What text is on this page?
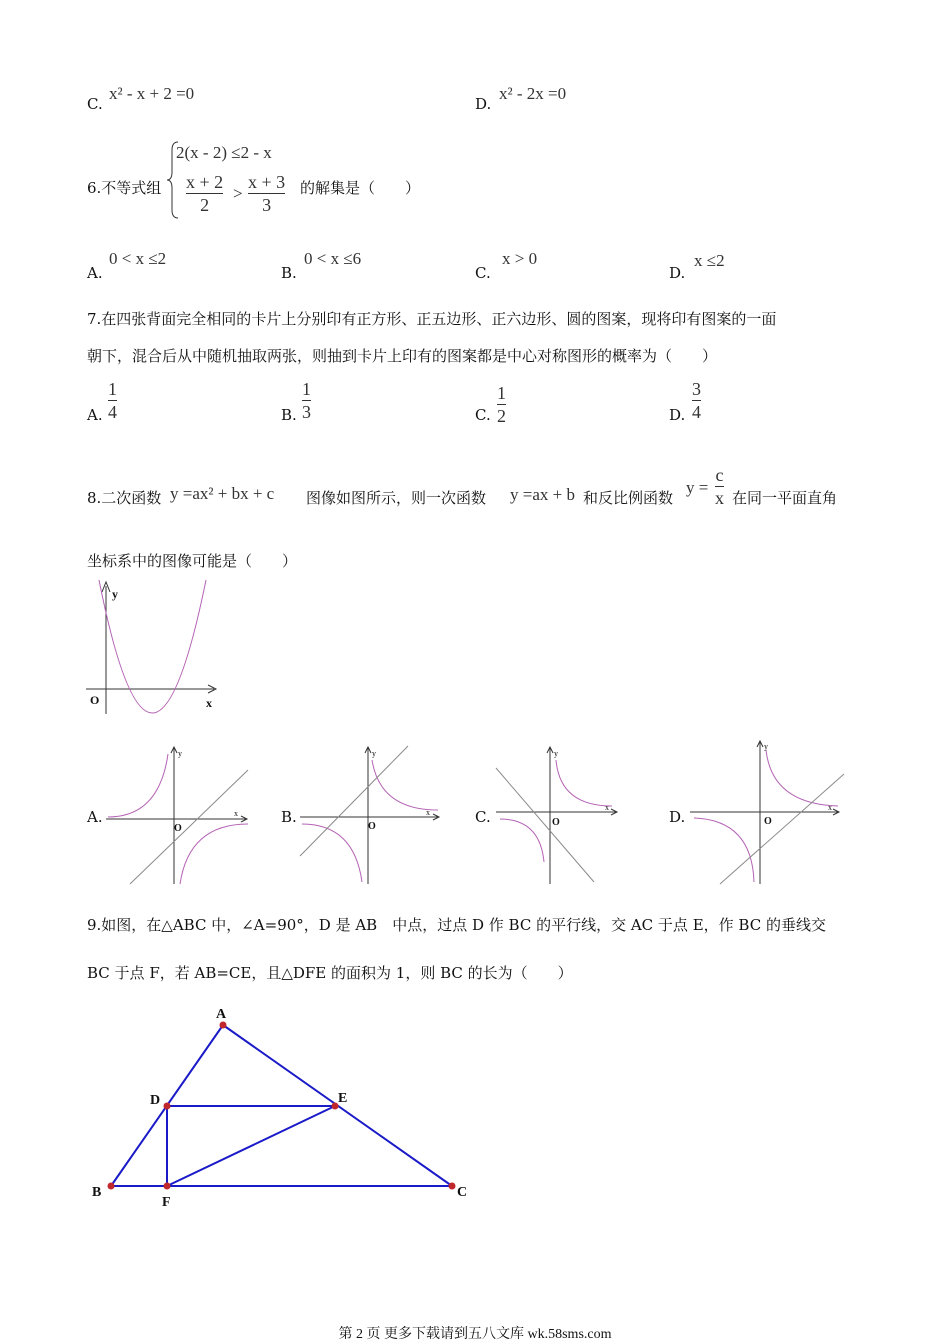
C.
x² - x + 2 =0
D.
x² - 2x =0
6.不等式组
2(x - 2) ≤2 - x
x + 2
2
>
x + 3
3
的解集是（　　）
A.
0 < x ≤2
B.
0 < x ≤6
C.
x > 0
D.
x ≤2
7.在四张背面完全相同的卡片上分别印有正方形、正五边形、正六边形、圆的图案，现将印有图案的一面
朝下，混合后从中随机抽取两张，则抽到卡片上印有的图案都是中心对称图形的概率为（　　）
A.
1
4	B.
1
3	C.
1
2	D.
3
4
8.二次函数 y =ax² + bx + c 图像如图所示，则一次函数 y =ax + b 和反比例函数
y =
c
x 在同一平面直角
坐标系中的图像可能是（　　）
y
x
O
A.
y
x
O
B.
y
x
O
C.
y
x
O	D.
y
x
O
9.如图，在△ABC 中，∠A=90°，D 是 AB　中点，过点 D 作 BC 的平行线，交 AC 于点 E，作 BC 的垂线交
BC 于点 F，若 AB=CE，且△DFE 的面积为 1，则 BC 的长为（　　）
A
B	C
D	E
F
第 2 页 更多下载请到五八文库 wk.58sms.com
